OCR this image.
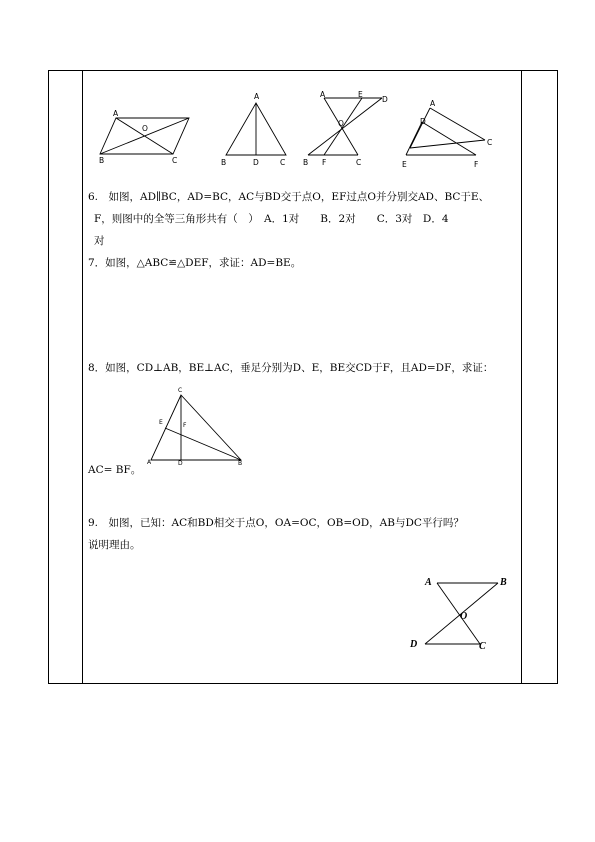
A
O
B	C
A
B	D	C
A	E
D
O
B F	C
A
D
C
E	F
6.　如图，AD∥BC，AD=BC，AC与BD交于点O，EF过点O并分别交AD、BC于E、
F，则图中的全等三角形共有（　）　A．1对　　B．2对　　C．3对　D．4
对
7．如图，△ABC≌△DEF，求证：AD=BE。
8．如图，CD⊥AB，BE⊥AC，垂足分别为D、E，BE交CD于F，且AD=DF，求证：
C
E	F
A	D	B
AC= BF。
9.　如图，已知：AC和BD相交于点O，OA=OC，OB=OD，AB与DC平行吗？
说明理由。
A	B
O
D	C
